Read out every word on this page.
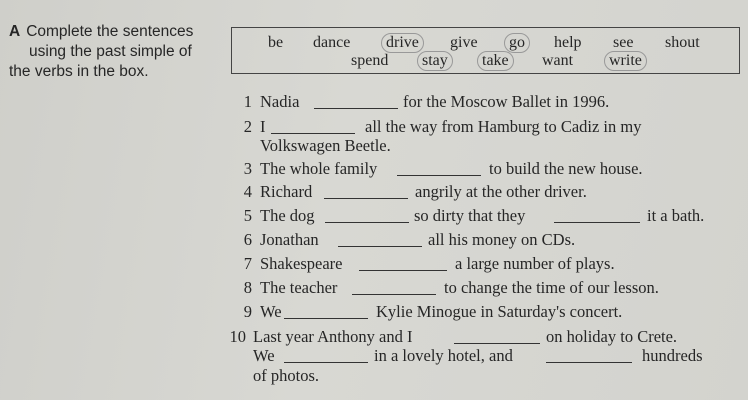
A Complete the sentences
using the past simple of
the verbs in the box.
be dance	drive	give	go	help see shout
spend	stay	take	want	write
1 Nadia	for the Moscow Ballet in 1996.
2 I	all the way from Hamburg to Cadiz in my
Volkswagen Beetle.
3 The whole family	to build the new house.
4 Richard	angrily at the other driver.
5 The dog	so dirty that they	it a bath.
6 Jonathan	all his money on CDs.
7 Shakespeare	a large number of plays.
8 The teacher	to change the time of our lesson.
9 We	Kylie Minogue in Saturday's concert.
10 Last year Anthony and I	on holiday to Crete.
We	in a lovely hotel, and	hundreds
of photos.
